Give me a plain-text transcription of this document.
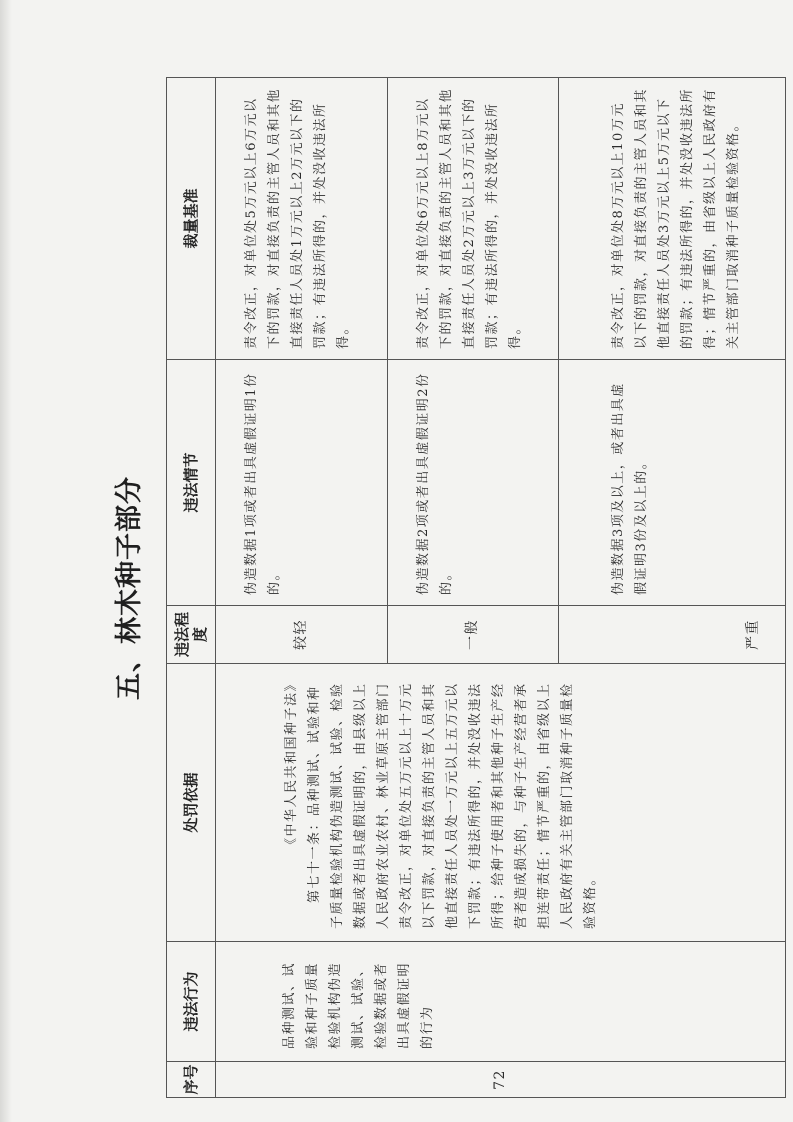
五、林木种子部分
序号	违法行为	处罚依据	违法程度	违法情节	裁量基准
72	品种测试、试验和种子质量检验机构伪造测试、试验、检验数据或者出具虚假证明的行为	《中华人民共和国种子法》 第七十一条：品种测试、试验和种子质量检验机构伪造测试、试验、检验数据或者出具虚假证明的，由县级以上人民政府农业农村、林业草原主管部门责令改正，对单位处五万元以上十万元以下罚款，对直接负责的主管人员和其他直接责任人员处一万元以上五万元以下罚款；有违法所得的，并处没收违法所得；给种子使用者和其他种子生产经营者造成损失的，与种子生产经营者承担连带责任；情节严重的，由省级以上人民政府有关主管部门取消种子质量检验资格。	较轻	伪造数据1项或者出具虚假证明1份的。	责令改正，对单位处5万元以上6万元以下的罚款，对直接负责的主管人员和其他直接责任人员处1万元以上2万元以下的罚款；有违法所得的，并处没收违法所得。
			一般	伪造数据2项或者出具虚假证明2份的。	责令改正，对单位处6万元以上8万元以下的罚款，对直接负责的主管人员和其他直接责任人员处2万元以上3万元以下的罚款；有违法所得的，并处没收违法所得。
			严重	伪造数据3项及以上，或者出具虚假证明3份及以上的。	责令改正，对单位处8万元以上10万元以下的罚款，对直接负责的主管人员和其他直接责任人员处3万元以上5万元以下的罚款；有违法所得的，并处没收违法所得；情节严重的，由省级以上人民政府有关主管部门取消种子质量检验资格。
